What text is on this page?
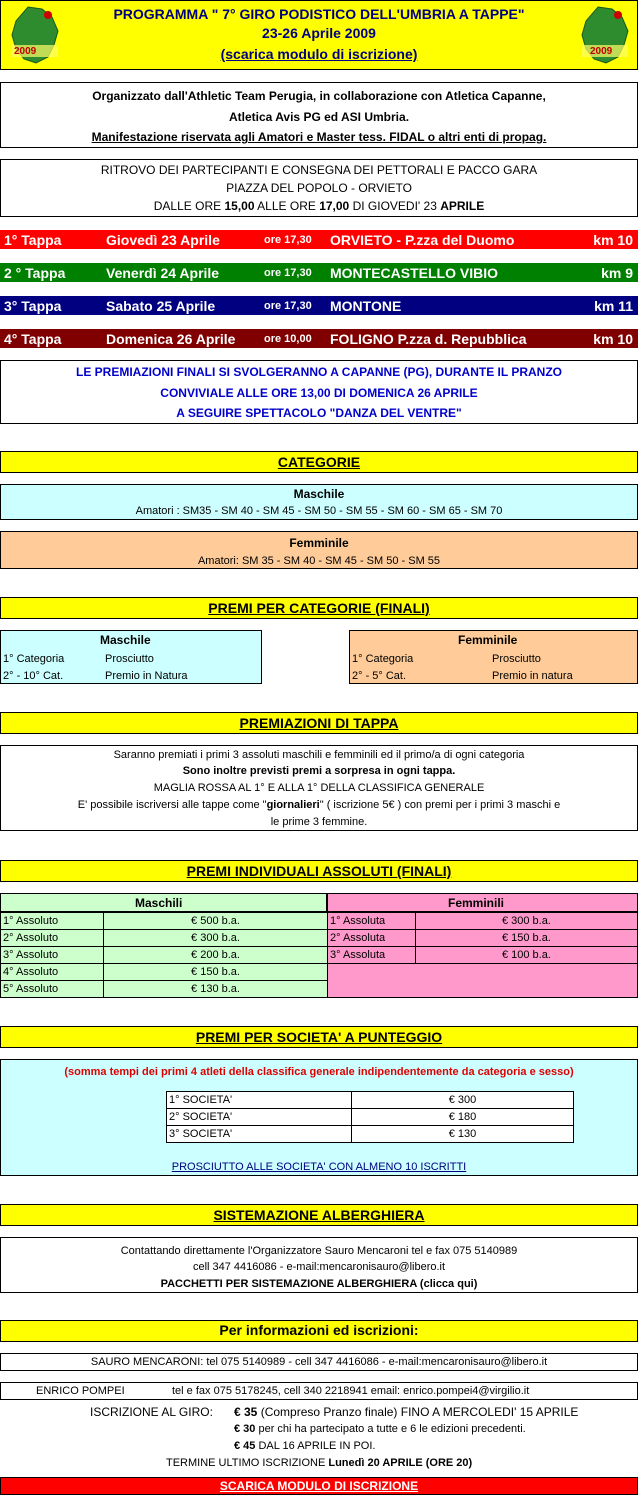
2009	2009
PROGRAMMA " 7° GIRO PODISTICO DELL'UMBRIA A TAPPE"
23-26 Aprile 2009
(scarica modulo di iscrizione)
Organizzato dall'Athletic Team Perugia, in collaborazione con Atletica Capanne,
Atletica Avis PG ed ASI Umbria.
Manifestazione riservata agli Amatori e Master tess. FIDAL o altri enti di propag.
RITROVO DEI PARTECIPANTI E CONSEGNA DEI PETTORALI E PACCO GARA
PIAZZA DEL POPOLO - ORVIETO
DALLE ORE 15,00 ALLE ORE 17,00 DI GIOVEDI' 23 APRILE
1° Tappa	Giovedì 23 Aprile	ore 17,30 ORVIETO - P.zza del Duomo	km 10
2 ° Tappa	Venerdì 24 Aprile	ore 17,30 MONTECASTELLO VIBIO	km 9
3° Tappa	Sabato 25 Aprile	ore 17,30 MONTONE	km 11
4° Tappa	Domenica 26 Aprile	ore 10,00 FOLIGNO P.zza d. Repubblica	km 10
LE PREMIAZIONI FINALI SI SVOLGERANNO A CAPANNE (PG), DURANTE IL PRANZO
CONVIVIALE ALLE ORE 13,00 DI DOMENICA 26 APRILE
A SEGUIRE SPETTACOLO "DANZA DEL VENTRE"
CATEGORIE
Maschile
Amatori : SM35 - SM 40 - SM 45 - SM 50 - SM 55 - SM 60 - SM 65 - SM 70
Femminile
Amatori: SM 35 - SM 40 - SM 45 - SM 50 - SM 55
PREMI PER CATEGORIE (FINALI)
Maschile	Femminile
1° Categoria	Prosciutto
2° - 10° Cat.	Premio in Natura
1° Categoria	Prosciutto
2° - 5° Cat.	Premio in natura
PREMIAZIONI DI TAPPA
Saranno premiati i primi 3 assoluti maschili e femminili ed il primo/a di ogni categoria
Sono inoltre previsti premi a sorpresa in ogni tappa.
MAGLIA ROSSA AL 1° E ALLA 1° DELLA CLASSIFICA GENERALE
E' possibile iscriversi alle tappe come "giornalieri" ( iscrizione 5€ ) con premi per i primi 3 maschi e
le prime 3 femmine.
PREMI INDIVIDUALI ASSOLUTI (FINALI)
Maschili	Femminili
1° Assoluto	€ 500 b.a.
2° Assoluto	€ 300 b.a.
3° Assoluto	€ 200 b.a.
4° Assoluto	€ 150 b.a.
5° Assoluto	€ 130 b.a.
1° Assoluta	€ 300 b.a.
2° Assoluta	€ 150 b.a.
3° Assoluta	€ 100 b.a.
PREMI PER SOCIETA' A PUNTEGGIO
(somma tempi dei primi 4 atleti della classifica generale indipendentemente da categoria e sesso)
1° SOCIETA'	€ 300
2° SOCIETA'	€ 180
3° SOCIETA'	€ 130
PROSCIUTTO ALLE SOCIETA' CON ALMENO 10 ISCRITTI
SISTEMAZIONE ALBERGHIERA
Contattando direttamente l'Organizzatore Sauro Mencaroni tel e fax 075 5140989
cell 347 4416086 - e-mail:mencaronisauro@libero.it
PACCHETTI PER SISTEMAZIONE ALBERGHIERA (clicca qui)
Per informazioni ed iscrizioni:
SAURO MENCARONI: tel 075 5140989 - cell 347 4416086 - e-mail:mencaronisauro@libero.it
ENRICO POMPEI	tel e fax 075 5178245, cell 340 2218941 email: enrico.pompei4@virgilio.it
ISCRIZIONE AL GIRO: € 35 (Compreso Pranzo finale) FINO A MERCOLEDI' 15 APRILE
€ 30 per chi ha partecipato a tutte e 6 le edizioni precedenti.
€ 45 DAL 16 APRILE IN POI.
TERMINE ULTIMO ISCRIZIONE Lunedì 20 APRILE (ORE 20)
SCARICA MODULO DI ISCRIZIONE
